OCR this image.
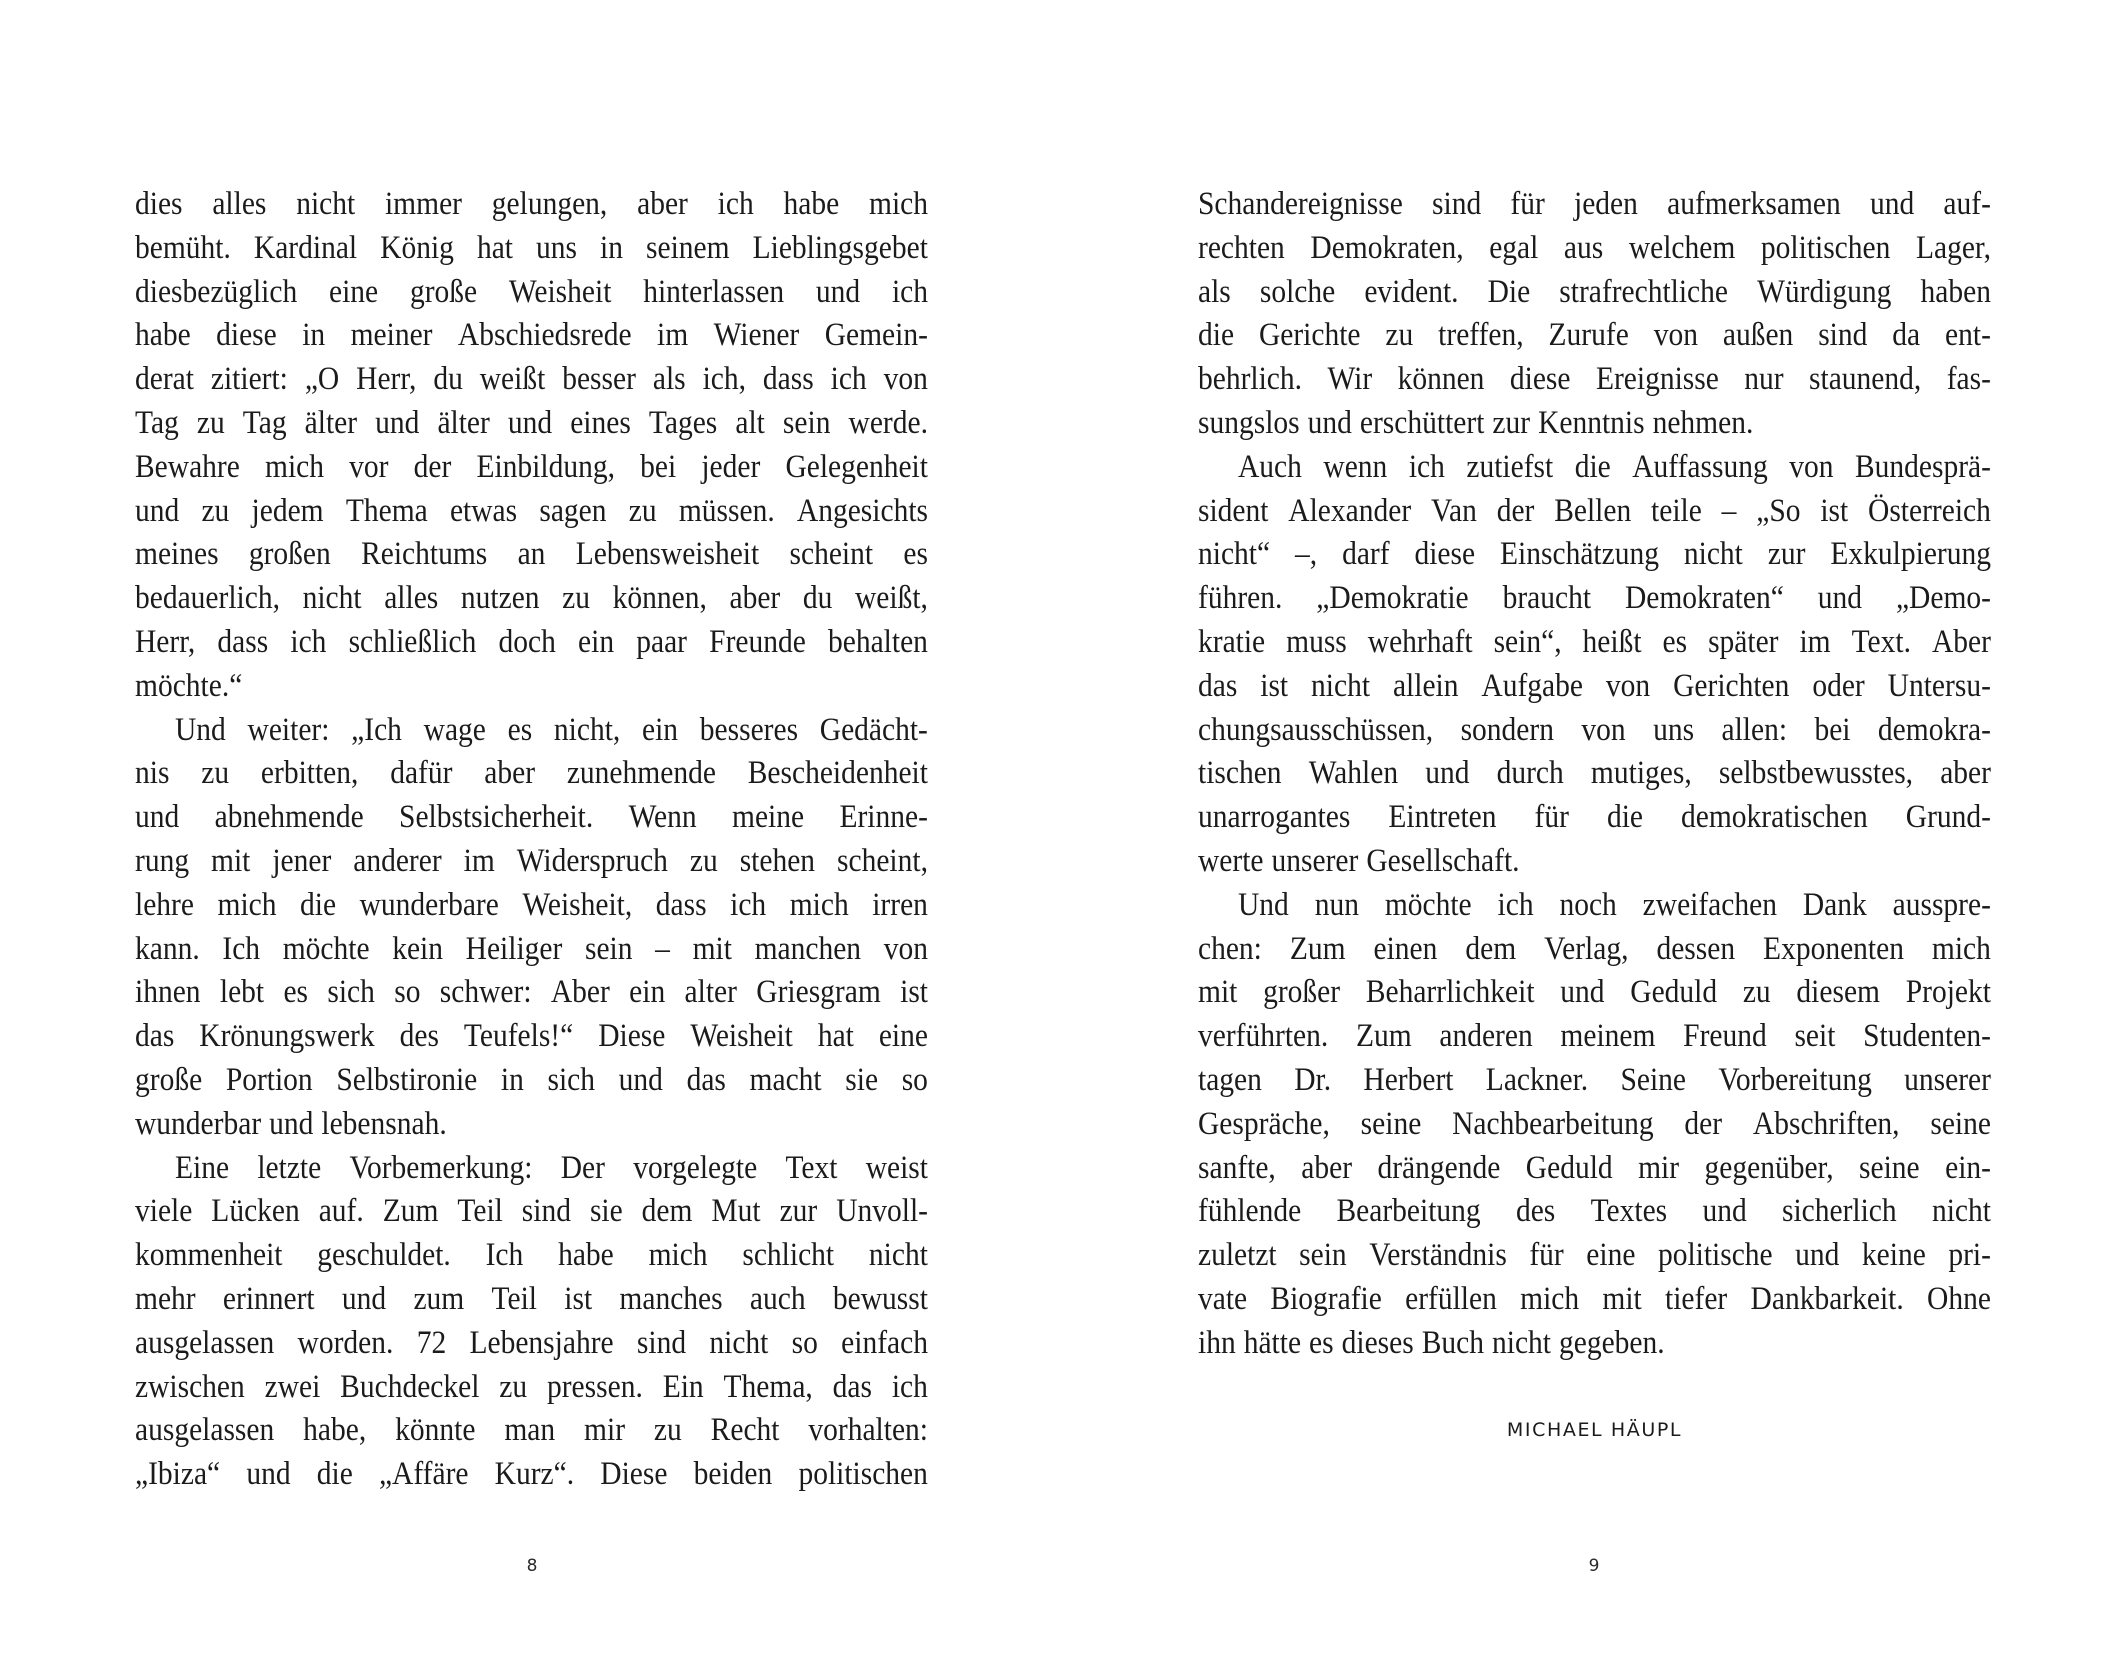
dies alles nicht immer gelungen, aber ich habe mich
bemüht. Kardinal König hat uns in seinem Lieblingsgebet
diesbezüglich eine große Weisheit hinterlassen und ich
habe diese in meiner Abschiedsrede im Wiener Gemein-
derat zitiert: „O Herr, du weißt besser als ich, dass ich von
Tag zu Tag älter und älter und eines Tages alt sein werde.
Bewahre mich vor der Einbildung, bei jeder Gelegenheit
und zu jedem Thema etwas sagen zu müssen. Angesichts
meines großen Reichtums an Lebensweisheit scheint es
bedauerlich, nicht alles nutzen zu können, aber du weißt,
Herr, dass ich schließlich doch ein paar Freunde behalten
möchte.“
Und weiter: „Ich wage es nicht, ein besseres Gedächt-
nis zu erbitten, dafür aber zunehmende Bescheidenheit
und abnehmende Selbstsicherheit. Wenn meine Erinne-
rung mit jener anderer im Widerspruch zu stehen scheint,
lehre mich die wunderbare Weisheit, dass ich mich irren
kann. Ich möchte kein Heiliger sein – mit manchen von
ihnen lebt es sich so schwer: Aber ein alter Griesgram ist
das Krönungswerk des Teufels!“ Diese Weisheit hat eine
große Portion Selbstironie in sich und das macht sie so
wunderbar und lebensnah.
Eine letzte Vorbemerkung: Der vorgelegte Text weist
viele Lücken auf. Zum Teil sind sie dem Mut zur Unvoll-
kommenheit geschuldet. Ich habe mich schlicht nicht
mehr erinnert und zum Teil ist manches auch bewusst
ausgelassen worden. 72 Lebensjahre sind nicht so einfach
zwischen zwei Buchdeckel zu pressen. Ein Thema, das ich
ausgelassen habe, könnte man mir zu Recht vorhalten:
„Ibiza“ und die „Affäre Kurz“. Diese beiden politischen
8
Schandereignisse sind für jeden aufmerksamen und auf-
rechten Demokraten, egal aus welchem politischen Lager,
als solche evident. Die strafrechtliche Würdigung haben
die Gerichte zu treffen, Zurufe von außen sind da ent-
behrlich. Wir können diese Ereignisse nur staunend, fas-
sungslos und erschüttert zur Kenntnis nehmen.
Auch wenn ich zutiefst die Auffassung von Bundesprä-
sident Alexander Van der Bellen teile – „So ist Österreich
nicht“ –, darf diese Einschätzung nicht zur Exkulpierung
führen. „Demokratie braucht Demokraten“ und „Demo-
kratie muss wehrhaft sein“, heißt es später im Text. Aber
das ist nicht allein Aufgabe von Gerichten oder Untersu-
chungsausschüssen, sondern von uns allen: bei demokra-
tischen Wahlen und durch mutiges, selbstbewusstes, aber
unarrogantes Eintreten für die demokratischen Grund-
werte unserer Gesellschaft.
Und nun möchte ich noch zweifachen Dank ausspre-
chen: Zum einen dem Verlag, dessen Exponenten mich
mit großer Beharrlichkeit und Geduld zu diesem Projekt
verführten. Zum anderen meinem Freund seit Studenten-
tagen Dr. Herbert Lackner. Seine Vorbereitung unserer
Gespräche, seine Nachbearbeitung der Abschriften, seine
sanfte, aber drängende Geduld mir gegenüber, seine ein-
fühlende Bearbeitung des Textes und sicherlich nicht
zuletzt sein Verständnis für eine politische und keine pri-
vate Biografie erfüllen mich mit tiefer Dankbarkeit. Ohne
ihn hätte es dieses Buch nicht gegeben.
MICHAEL HÄUPL
9
